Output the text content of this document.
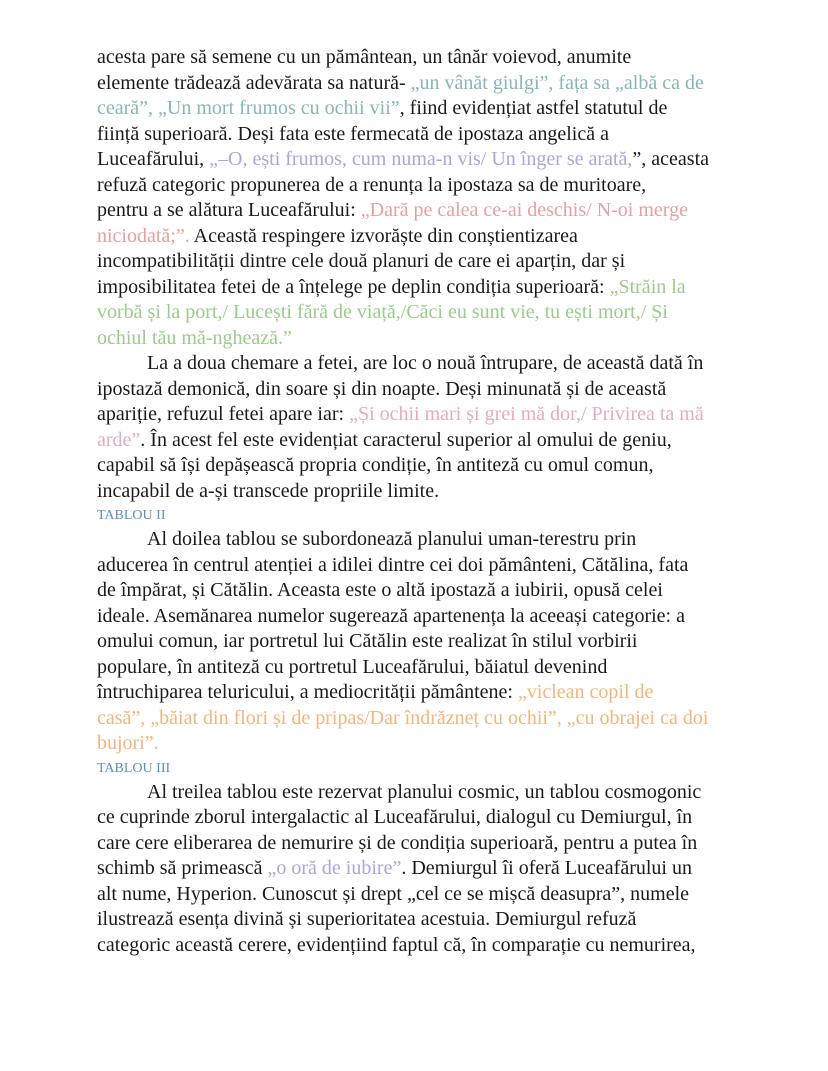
acesta pare să semene cu un pământean, un tânăr voievod, anumite
elemente trădează adevărata sa natură- „un vânăt giulgi”, fața sa „albă ca de
ceară”, „Un mort frumos cu ochii vii”, fiind evidențiat astfel statutul de
ființă superioară. Deși fata este fermecată de ipostaza angelică a
Luceafărului, „–O, ești frumos, cum numa-n vis/ Un înger se arată,”, aceasta
refuză categoric propunerea de a renunța la ipostaza sa de muritoare,
pentru a se alătura Luceafărului: „Dară pe calea ce-ai deschis/ N-oi merge
niciodată;”. Această respingere izvorăște din conștientizarea
incompatibilității dintre cele două planuri de care ei aparțin, dar și
imposibilitatea fetei de a înțelege pe deplin condiția superioară: „Străin la
vorbă și la port,/ Lucești fără de viață,/Căci eu sunt vie, tu ești mort,/ Și
ochiul tău mă-nghează.”
La a doua chemare a fetei, are loc o nouă întrupare, de această dată în
ipostază demonică, din soare și din noapte. Deși minunată și de această
apariție, refuzul fetei apare iar: „Și ochii mari și grei mă dor,/ Privirea ta mă
arde”. În acest fel este evidențiat caracterul superior al omului de geniu,
capabil să își depășească propria condiție, în antiteză cu omul comun,
incapabil de a-și transcede propriile limite.
TABLOU II
Al doilea tablou se subordonează planului uman-terestru prin
aducerea în centrul atenției a idilei dintre cei doi pământeni, Cătălina, fata
de împărat, și Cătălin. Aceasta este o altă ipostază a iubirii, opusă celei
ideale. Asemănarea numelor sugerează apartenența la aceeași categorie: a
omului comun, iar portretul lui Cătălin este realizat în stilul vorbirii
populare, în antiteză cu portretul Luceafărului, băiatul devenind
întruchiparea teluricului, a mediocrității pământene: „viclean copil de
casă”, „băiat din flori și de pripas/Dar îndrăzneț cu ochii”, „cu obrajei ca doi
bujori”.
TABLOU III
Al treilea tablou este rezervat planului cosmic, un tablou cosmogonic
ce cuprinde zborul intergalactic al Luceafărului, dialogul cu Demiurgul, în
care cere eliberarea de nemurire și de condiția superioară, pentru a putea în
schimb să primească „o oră de iubire”. Demiurgul îi oferă Luceafărului un
alt nume, Hyperion. Cunoscut și drept „cel ce se mișcă deasupra”, numele
ilustrează esența divină și superioritatea acestuia. Demiurgul refuză
categoric această cerere, evidențiind faptul că, în comparație cu nemurirea,
